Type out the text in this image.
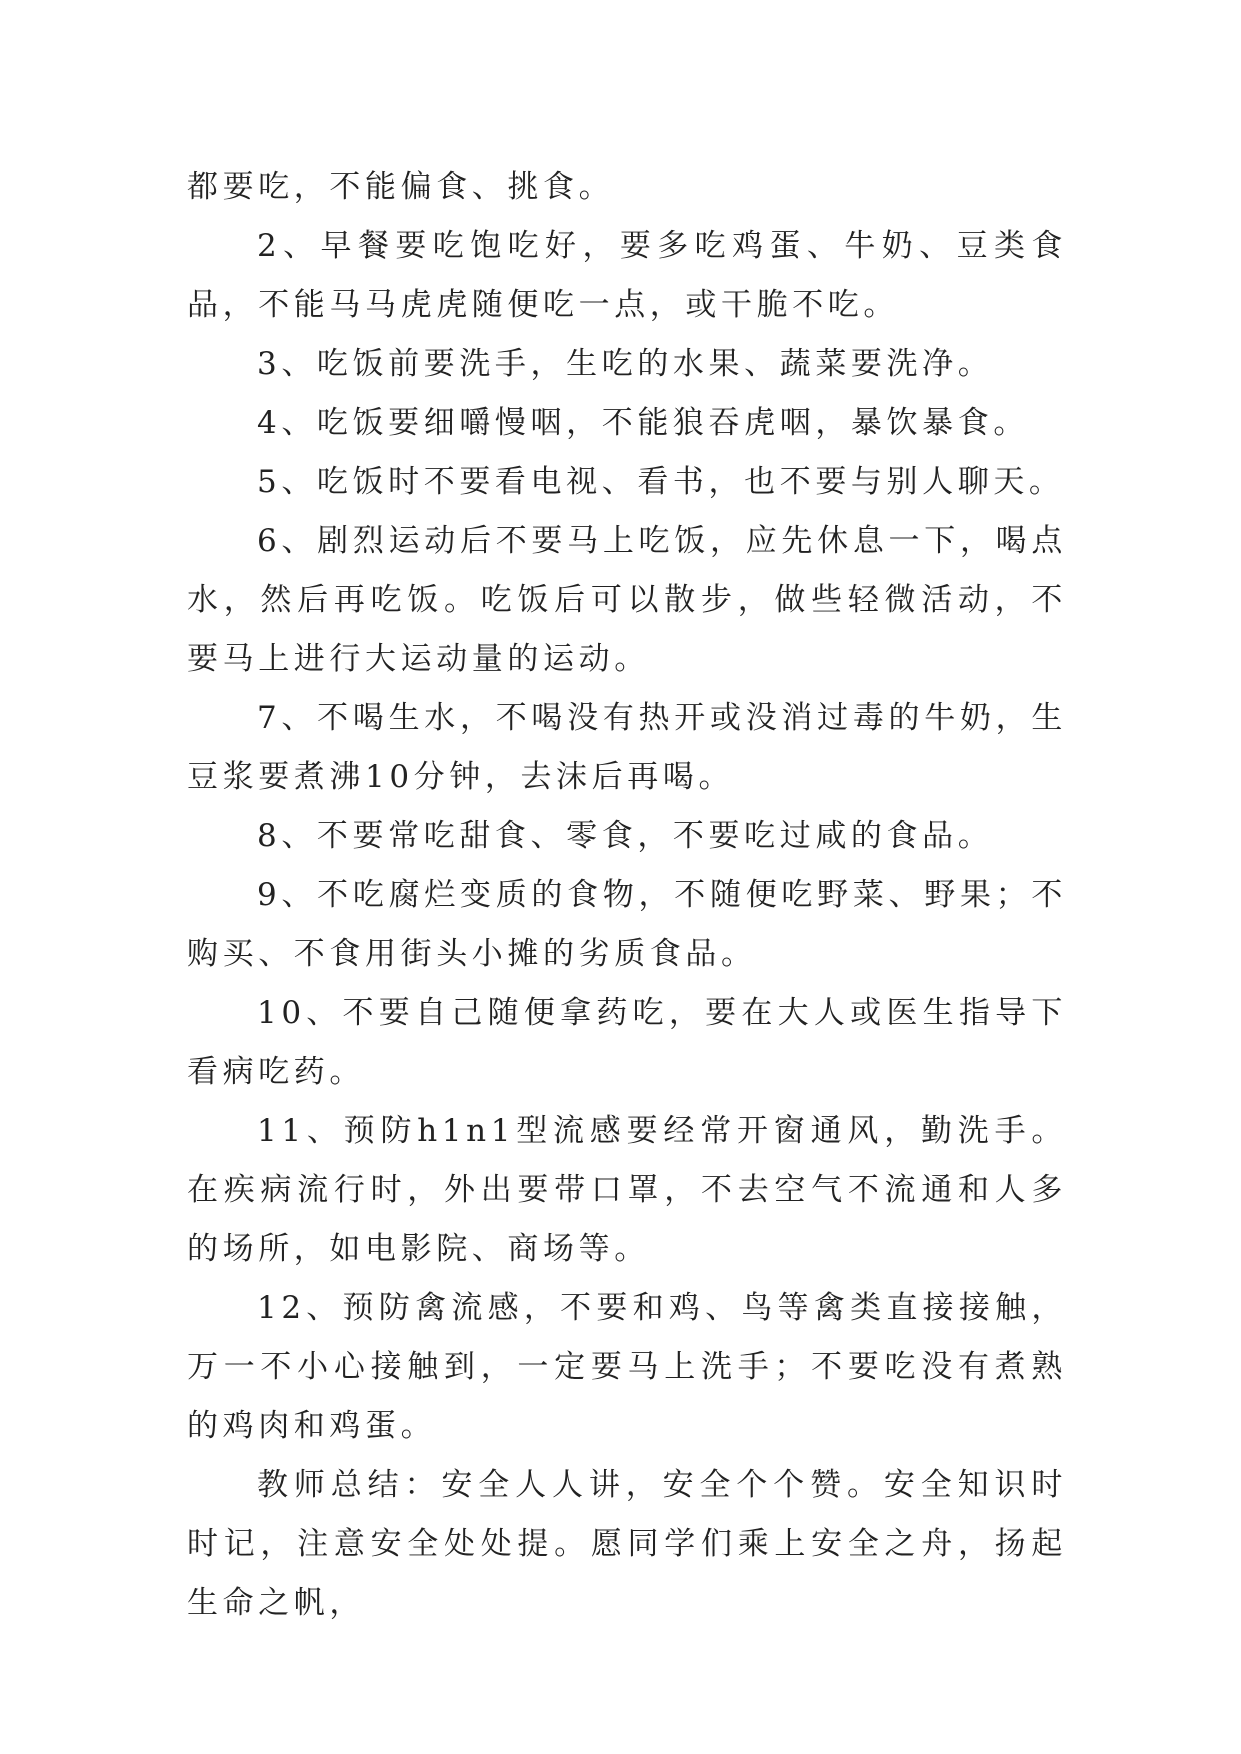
都要吃，不能偏食、挑食。

2、早餐要吃饱吃好，要多吃鸡蛋、牛奶、豆类食品，不能马马虎虎随便吃一点，或干脆不吃。

3、吃饭前要洗手，生吃的水果、蔬菜要洗净。

4、吃饭要细嚼慢咽，不能狼吞虎咽，暴饮暴食。

5、吃饭时不要看电视、看书，也不要与别人聊天。

6、剧烈运动后不要马上吃饭，应先休息一下，喝点水，然后再吃饭。吃饭后可以散步，做些轻微活动，不要马上进行大运动量的运动。

7、不喝生水，不喝没有热开或没消过毒的牛奶，生豆浆要煮沸10分钟，去沫后再喝。

8、不要常吃甜食、零食，不要吃过咸的食品。

9、不吃腐烂变质的食物，不随便吃野菜、野果；不购买、不食用街头小摊的劣质食品。

10、不要自己随便拿药吃，要在大人或医生指导下看病吃药。

11、预防h1n1型流感要经常开窗通风，勤洗手。在疾病流行时，外出要带口罩，不去空气不流通和人多的场所，如电影院、商场等。

12、预防禽流感，不要和鸡、鸟等禽类直接接触，万一不小心接触到，一定要马上洗手；不要吃没有煮熟的鸡肉和鸡蛋。

教师总结：安全人人讲，安全个个赞。安全知识时时记，注意安全处处提。愿同学们乘上安全之舟，扬起生命之帆，
